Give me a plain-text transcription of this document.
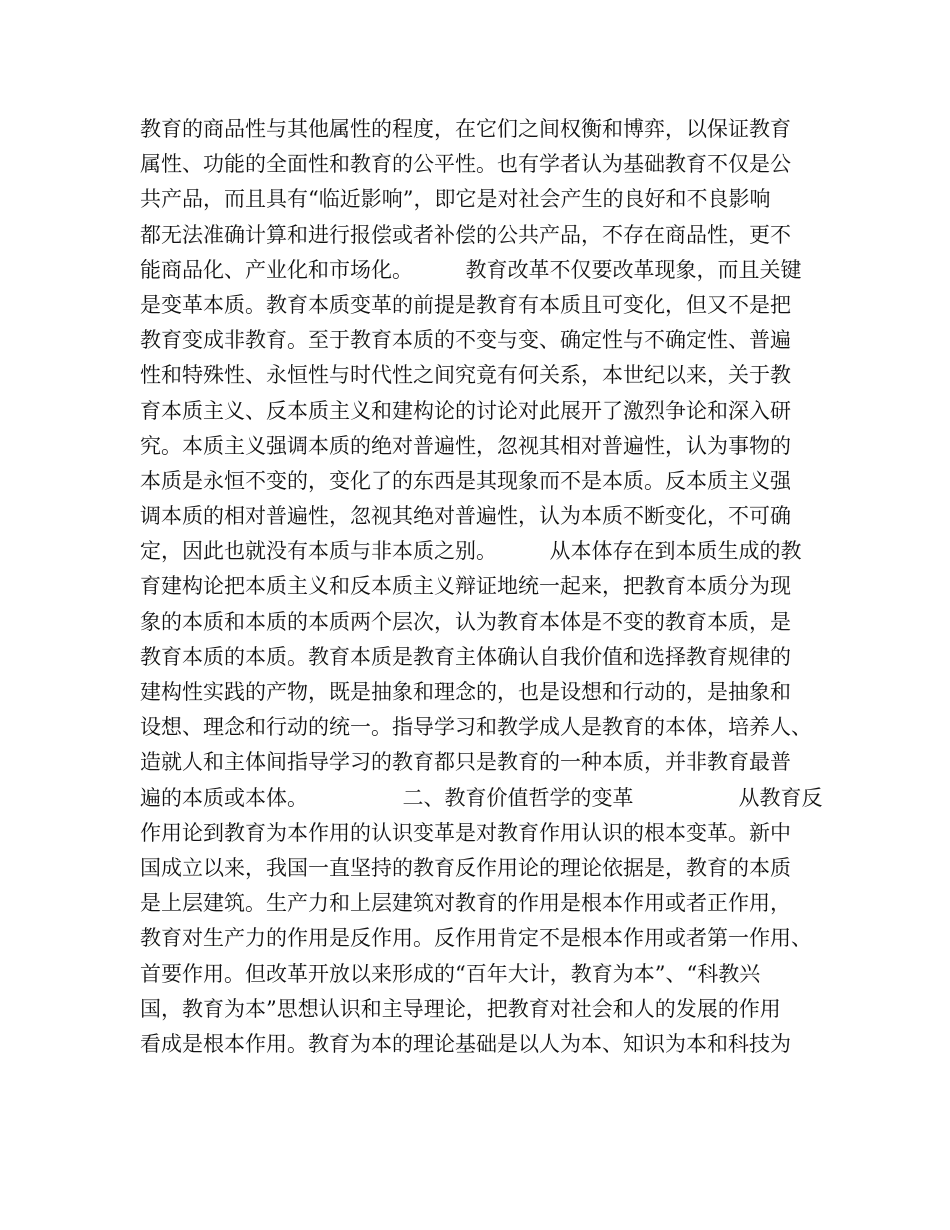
教育的商品性与其他属性的程度，在它们之间权衡和博弈，以保证教育
属性、功能的全面性和教育的公平性。也有学者认为基础教育不仅是公
共产品，而且具有“临近影响”，即它是对社会产生的良好和不良影响
都无法准确计算和进行报偿或者补偿的公共产品，不存在商品性，更不
能商品化、产业化和市场化。　　　教育改革不仅要改革现象，而且关键
是变革本质。教育本质变革的前提是教育有本质且可变化，但又不是把
教育变成非教育。至于教育本质的不变与变、确定性与不确定性、普遍
性和特殊性、永恒性与时代性之间究竟有何关系，本世纪以来，关于教
育本质主义、反本质主义和建构论的讨论对此展开了激烈争论和深入研
究。本质主义强调本质的绝对普遍性，忽视其相对普遍性，认为事物的
本质是永恒不变的，变化了的东西是其现象而不是本质。反本质主义强
调本质的相对普遍性，忽视其绝对普遍性，认为本质不断变化，不可确
定，因此也就没有本质与非本质之别。　　　从本体存在到本质生成的教
育建构论把本质主义和反本质主义辩证地统一起来，把教育本质分为现
象的本质和本质的本质两个层次，认为教育本体是不变的教育本质，是
教育本质的本质。教育本质是教育主体确认自我价值和选择教育规律的
建构性实践的产物，既是抽象和理念的，也是设想和行动的，是抽象和
设想、理念和行动的统一。指导学习和教学成人是教育的本体，培养人、
造就人和主体间指导学习的教育都只是教育的一种本质，并非教育最普
遍的本质或本体。　　　　　二、教育价值哲学的变革　　　　　从教育反
作用论到教育为本作用的认识变革是对教育作用认识的根本变革。新中
国成立以来，我国一直坚持的教育反作用论的理论依据是，教育的本质
是上层建筑。生产力和上层建筑对教育的作用是根本作用或者正作用，
教育对生产力的作用是反作用。反作用肯定不是根本作用或者第一作用、
首要作用。但改革开放以来形成的“百年大计，教育为本”、“科教兴
国，教育为本”思想认识和主导理论，把教育对社会和人的发展的作用
看成是根本作用。教育为本的理论基础是以人为本、知识为本和科技为
